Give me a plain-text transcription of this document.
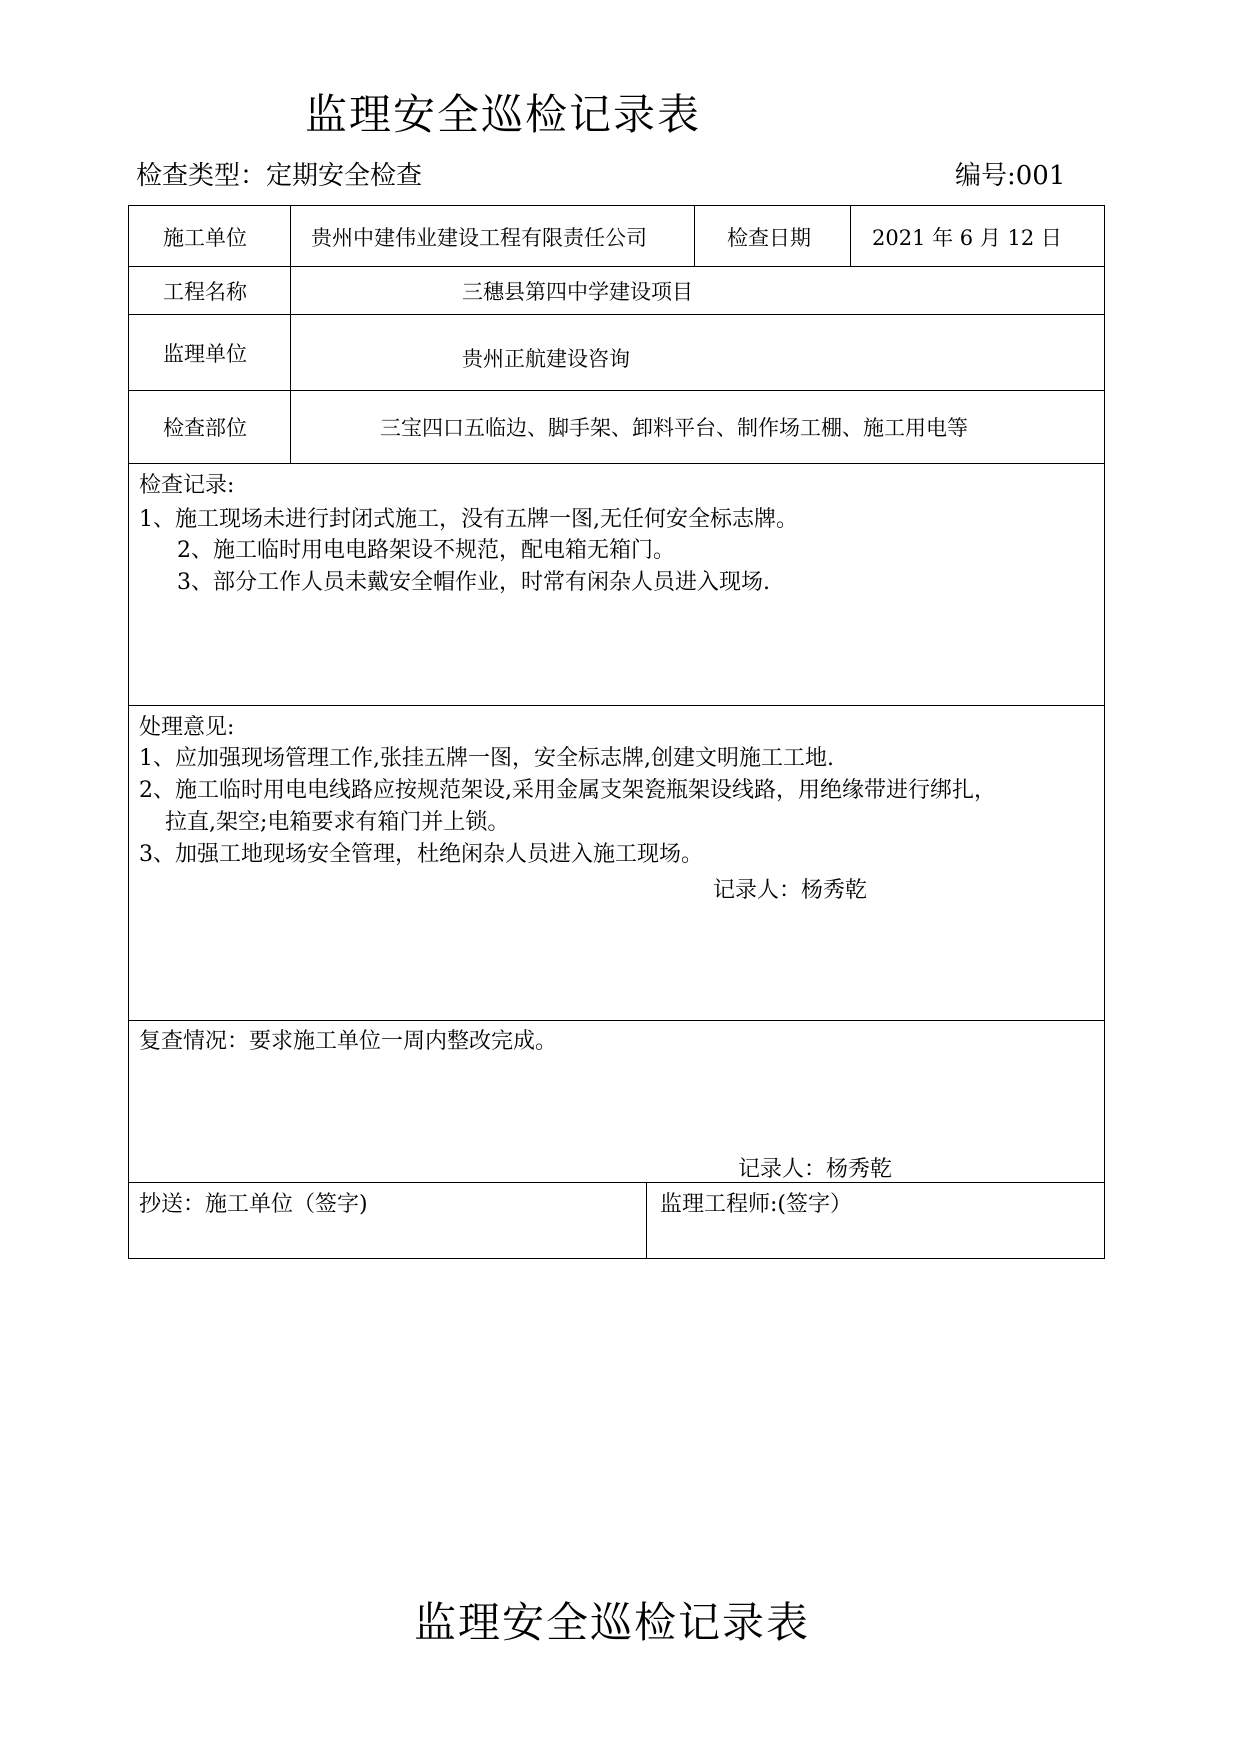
监理安全巡检记录表
检查类型：定期安全检查	编号:001
施工单位	贵州中建伟业建设工程有限责任公司	检查日期	2021 年 6 月 12 日
工程名称	三穗县第四中学建设项目
监理单位	贵州正航建设咨询
检查部位	三宝四口五临边、脚手架、卸料平台、制作场工棚、施工用电等
检查记录:
1、施工现场未进行封闭式施工，没有五牌一图,无任何安全标志牌。
2、施工临时用电电路架设不规范，配电箱无箱门。
3、部分工作人员未戴安全帽作业，时常有闲杂人员进入现场.
处理意见:
1、应加强现场管理工作,张挂五牌一图，安全标志牌,创建文明施工工地.
2、施工临时用电电线路应按规范架设,采用金属支架瓷瓶架设线路，用绝缘带进行绑扎，
拉直,架空;电箱要求有箱门并上锁。
3、加强工地现场安全管理，杜绝闲杂人员进入施工现场。
记录人：杨秀乾
复查情况：要求施工单位一周内整改完成。
记录人：杨秀乾
抄送：施工单位（签字)	监理工程师:(签字）
监理安全巡检记录表
